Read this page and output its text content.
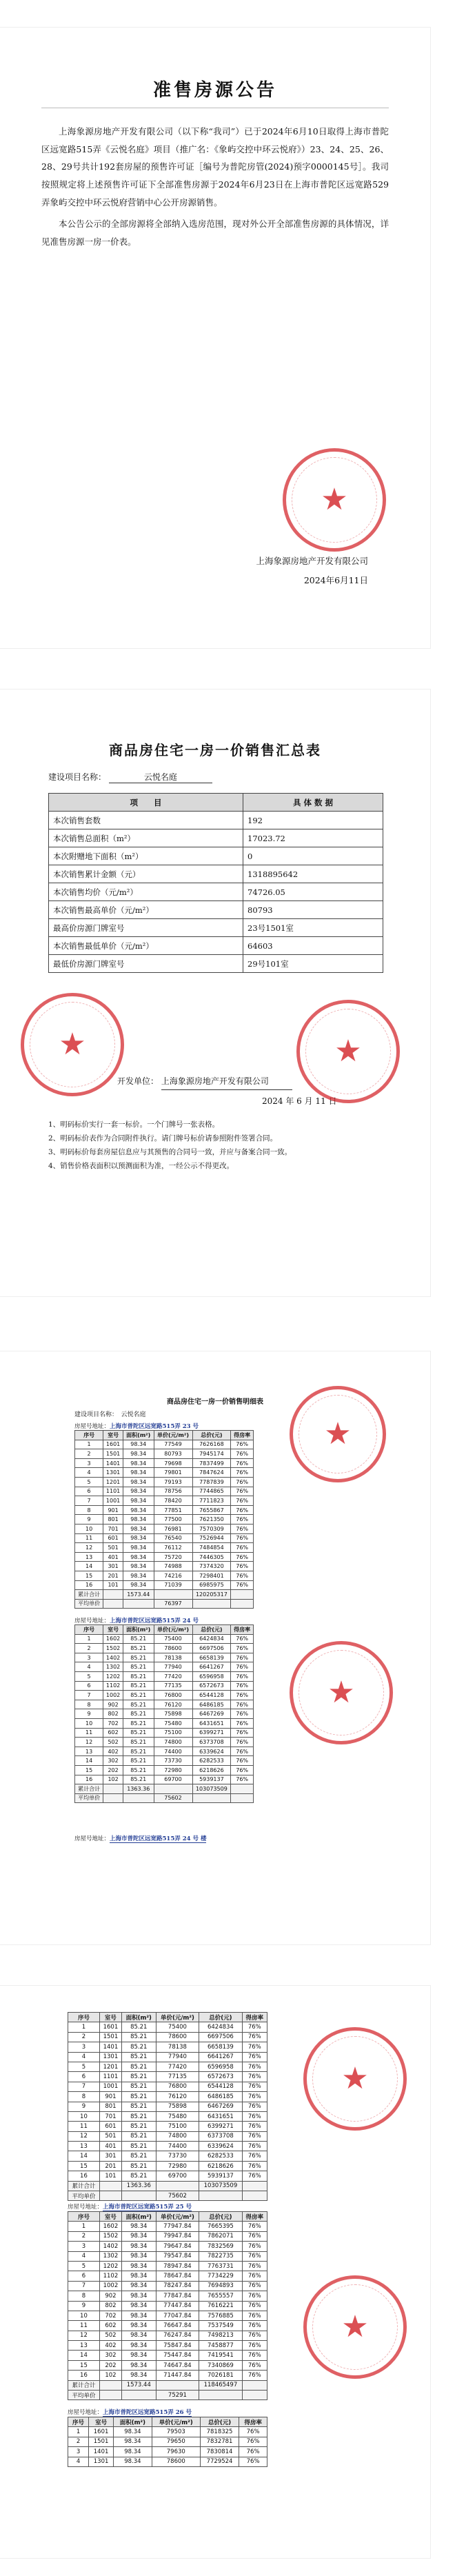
准售房源公告

上海象源房地产开发有限公司（以下称“我司”）已于2024年6月10日取得上海市普陀区远宽路515弄《云悦名庭》项目（推广名：《象屿交控中环云悦府》）23、24、25、26、28、29号共计192套房屋的预售许可证［编号为普陀房管(2024)预字0000145号］。我司按照规定将上述预售许可证下全部准售房源于2024年6月23日在上海市普陀区远宽路529弄象屿交控中环云悦府营销中心公开房源销售。

本公告公示的全部房源将全部纳入选房范围，现对外公开全部准售房源的具体情况，详见准售房源一房一价表。

上海象源房地产开发有限公司
2024年6月11日
★
商品房住宅一房一价销售汇总表
建设项目名称：	云悦名庭
项　　目	具 体 数 据
本次销售套数	192
本次销售总面积（m²）	17023.72
本次附赠地下面积（m²）	0
本次销售累计金额（元）	1318895642
本次销售均价（元/m²）	74726.05
本次销售最高单价（元/m²）	80793
最高价房源门牌室号	23号1501室
本次销售最低单价（元/m²）	64603
最低价房源门牌室号	29号101室
开发单位： 上海象源房地产开发有限公司
2024 年 6 月 11 日
1、明码标价实行一套一标价。一个门牌号一张表格。
2、明码标价表作为合同附件执行。请门牌号标价请参照附件签署合同。
3、明码标价每套房屋信息应与其预售的合同号一致，并应与备案合同一致。
4、销售价格表面积以预测面积为准，一经公示不得更改。
★	★
商品房住宅一房一价销售明细表
建设项目名称：　云悦名庭
房屋号地址：上海市普陀区远宽路515弄 23 号
序号	室号	面积(m²)	单价(元/m²)	总价(元)	得房率
1	1601	98.34	77549	7626168	76%
2	1501	98.34	80793	7945174	76%
3	1401	98.34	79698	7837499	76%
4	1301	98.34	79801	7847624	76%
5	1201	98.34	79193	7787839	76%
6	1101	98.34	78756	7744865	76%
7	1001	98.34	78420	7711823	76%
8	901	98.34	77851	7655867	76%
9	801	98.34	77500	7621350	76%
10	701	98.34	76981	7570309	76%
11	601	98.34	76540	7526944	76%
12	501	98.34	76112	7484854	76%
13	401	98.34	75720	7446305	76%
14	301	98.34	74988	7374320	76%
15	201	98.34	74216	7298401	76%
16	101	98.34	71039	6985975	76%
累计合计		1573.44		120205317	
平均单价			76397		
房屋号地址：上海市普陀区远宽路515弄 24 号
序号	室号	面积(m²)	单价(元/m²)	总价(元)	得房率
1	1602	85.21	75400	6424834	76%
2	1502	85.21	78600	6697506	76%
3	1402	85.21	78138	6658139	76%
4	1302	85.21	77940	6641267	76%
5	1202	85.21	77420	6596958	76%
6	1102	85.21	77135	6572673	76%
7	1002	85.21	76800	6544128	76%
8	902	85.21	76120	6486185	76%
9	802	85.21	75898	6467269	76%
10	702	85.21	75480	6431651	76%
11	602	85.21	75100	6399271	76%
12	502	85.21	74800	6373708	76%
13	402	85.21	74400	6339624	76%
14	302	85.21	73730	6282533	76%
15	202	85.21	72980	6218626	76%
16	102	85.21	69700	5939137	76%
累计合计		1363.36		103073509	
平均单价			75602		
房屋号地址：上海市普陀区远宽路515弄 24 号 楼
★
★
序号	室号	面积(m²)	单价(元/m²)	总价(元)	得房率
1	1601	85.21	75400	6424834	76%
2	1501	85.21	78600	6697506	76%
3	1401	85.21	78138	6658139	76%
4	1301	85.21	77940	6641267	76%
5	1201	85.21	77420	6596958	76%
6	1101	85.21	77135	6572673	76%
7	1001	85.21	76800	6544128	76%
8	901	85.21	76120	6486185	76%
9	801	85.21	75898	6467269	76%
10	701	85.21	75480	6431651	76%
11	601	85.21	75100	6399271	76%
12	501	85.21	74800	6373708	76%
13	401	85.21	74400	6339624	76%
14	301	85.21	73730	6282533	76%
15	201	85.21	72980	6218626	76%
16	101	85.21	69700	5939137	76%
累计合计		1363.36		103073509	
平均单价			75602		
房屋号地址：上海市普陀区远宽路515弄 25 号
序号	室号	面积(m²)	单价(元/m²)	总价(元)	得房率
1	1602	98.34	77947.84	7665395	76%
2	1502	98.34	79947.84	7862071	76%
3	1402	98.34	79647.84	7832569	76%
4	1302	98.34	79547.84	7822735	76%
5	1202	98.34	78947.84	7763731	76%
6	1102	98.34	78647.84	7734229	76%
7	1002	98.34	78247.84	7694893	76%
8	902	98.34	77847.84	7655557	76%
9	802	98.34	77447.84	7616221	76%
10	702	98.34	77047.84	7576885	76%
11	602	98.34	76647.84	7537549	76%
12	502	98.34	76247.84	7498213	76%
13	402	98.34	75847.84	7458877	76%
14	302	98.34	75447.84	7419541	76%
15	202	98.34	74647.84	7340869	76%
16	102	98.34	71447.84	7026181	76%
累计合计		1573.44		118465497	
平均单价			75291		
房屋号地址：上海市普陀区远宽路515弄 26 号
序号	室号	面积(m²)	单价(元/m²)	总价(元)	得房率
1	1601	98.34	79503	7818325	76%
2	1501	98.34	79650	7832781	76%
3	1401	98.34	79630	7830814	76%
4	1301	98.34	78600	7729524	76%
★
★
